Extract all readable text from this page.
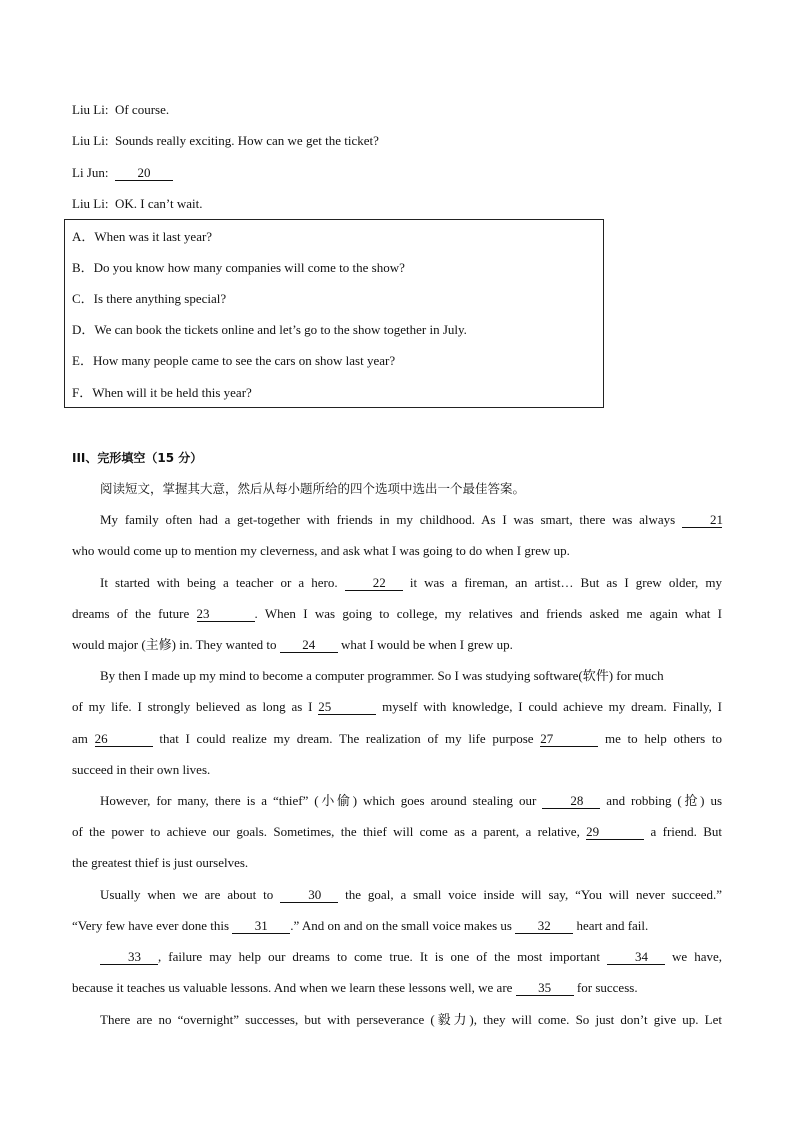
Liu Li: Of course.
Liu Li: Sounds really exciting. How can we get the ticket?
Li Jun: 20
Liu Li: OK. I can’t wait.
A．When was it last year?
B．Do you know how many companies will come to the show?
C．Is there anything special?
D．We can book the tickets online and let’s go to the show together in July.
E．How many people came to see the cars on show last year?
F．When will it be held this year?
III、完形填空（15 分）
阅读短文，掌握其大意，然后从每小题所给的四个选项中选出一个最佳答案。
My family often had a get-together with friends in my childhood. As I was smart, there was always	21
who would come up to mention my cleverness, and ask what I was going to do when I grew up.
It started with being a teacher or a hero.	22 it was a fireman, an artist… But as I grew older, my
dreams of the future 23	. When I was going to college, my relatives and friends asked me again what I
would major (主修) in. They wanted to 24 what I would be when I grew up.
By then I made up my mind to become a computer programmer. So I was studying software(软件) for much
of my life. I strongly believed as long as I 25	myself with knowledge, I could achieve my dream. Finally, I
am 26	that I could realize my dream. The realization of my life purpose 27	me to help others to
succeed in their own lives.
However, for many, there is a “thief” (小偷) which goes around stealing our	28 and robbing (抢) us
of the power to achieve our goals. Sometimes, the thief will come as a parent, a relative, 29	a friend. But
the greatest thief is just ourselves.
Usually when we are about to	30 the goal, a small voice inside will say, “You will never succeed.”
“Very few have ever done this 31 .” And on and on the small voice makes us 32 heart and fail.
33 , failure may help our dreams to come true. It is one of the most important	34 we have,
because it teaches us valuable lessons. And when we learn these lessons well, we are 35 for success.
There are no “overnight” successes, but with perseverance (毅力), they will come. So just don’t give up. Let
